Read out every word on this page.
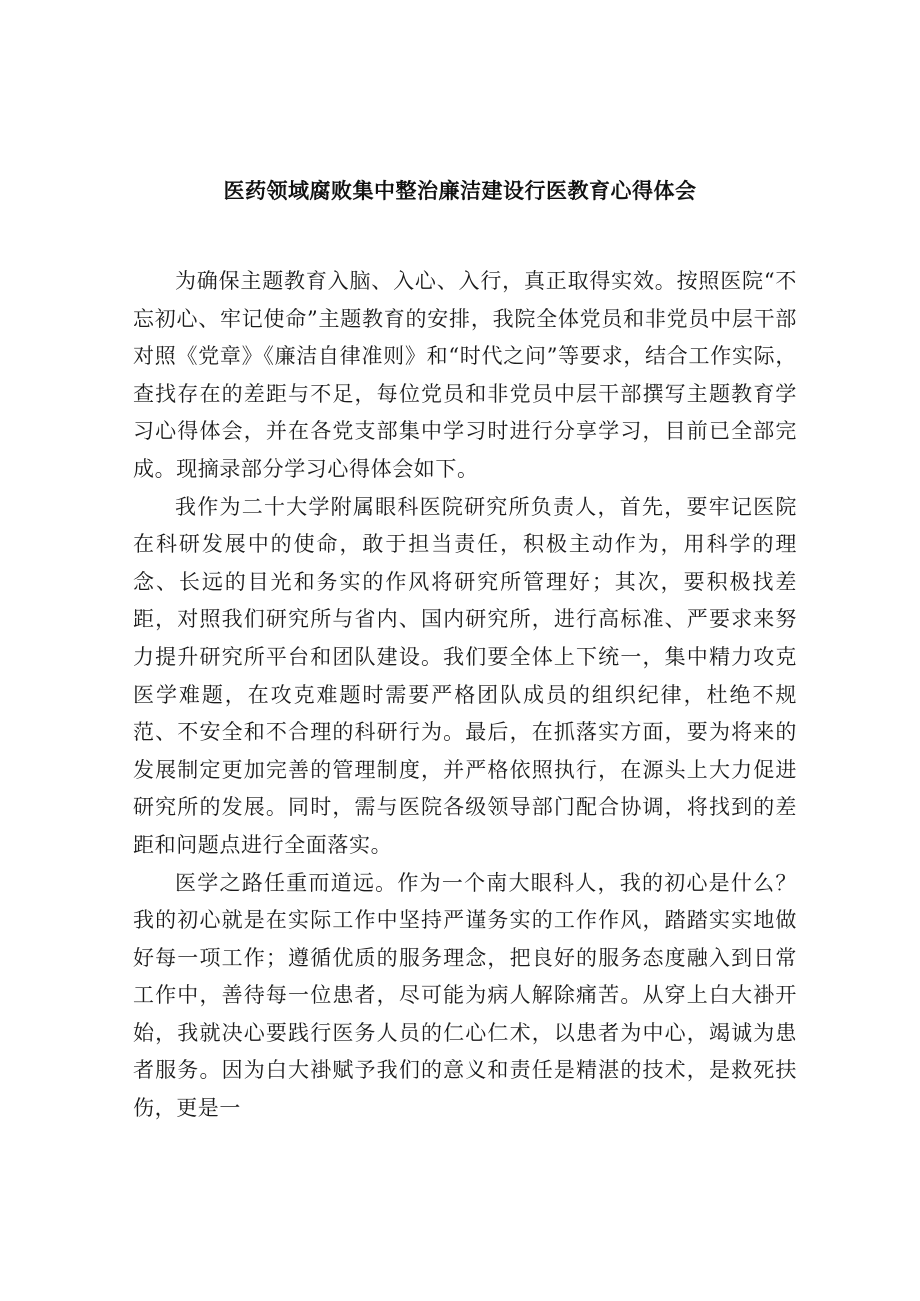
医药领域腐败集中整治廉洁建设行医教育心得体会

为确保主题教育入脑、入心、入行，真正取得实效。按照医院“不忘初心、牢记使命”主题教育的安排，我院全体党员和非党员中层干部对照《党章》《廉洁自律准则》和“时代之问”等要求，结合工作实际，查找存在的差距与不足，每位党员和非党员中层干部撰写主题教育学习心得体会，并在各党支部集中学习时进行分享学习，目前已全部完成。现摘录部分学习心得体会如下。

我作为二十大学附属眼科医院研究所负责人，首先，要牢记医院在科研发展中的使命，敢于担当责任，积极主动作为，用科学的理念、长远的目光和务实的作风将研究所管理好；其次，要积极找差距，对照我们研究所与省内、国内研究所，进行高标准、严要求来努力提升研究所平台和团队建设。我们要全体上下统一，集中精力攻克医学难题，在攻克难题时需要严格团队成员的组织纪律，杜绝不规范、不安全和不合理的科研行为。最后，在抓落实方面，要为将来的发展制定更加完善的管理制度，并严格依照执行，在源头上大力促进研究所的发展。同时，需与医院各级领导部门配合协调，将找到的差距和问题点进行全面落实。

医学之路任重而道远。作为一个南大眼科人，我的初心是什么？我的初心就是在实际工作中坚持严谨务实的工作作风，踏踏实实地做好每一项工作；遵循优质的服务理念，把良好的服务态度融入到日常工作中，善待每一位患者，尽可能为病人解除痛苦。从穿上白大褂开始，我就决心要践行医务人员的仁心仁术，以患者为中心，竭诚为患者服务。因为白大褂赋予我们的意义和责任是精湛的技术，是救死扶伤，更是一
